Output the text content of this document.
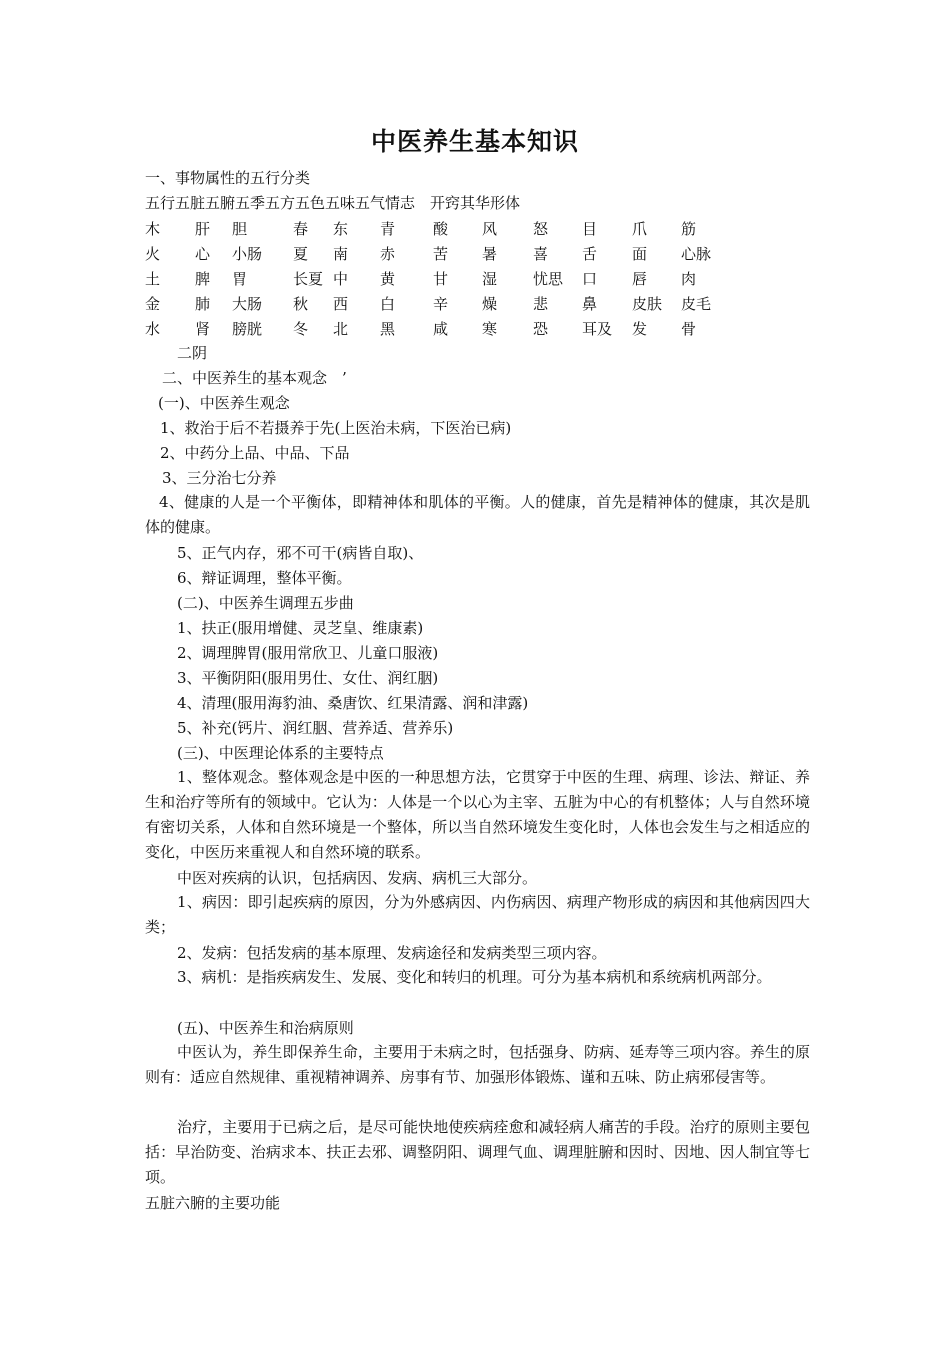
中医养生基本知识
一、事物属性的五行分类
五行五脏五腑五季五方五色五味五气情志　开窍其华形体
木 肝 胆	春 东 青	酸 风 怒 目 爪 筋
火 心 小肠 夏 南 赤	苦 暑 喜 舌 面 心脉
土 脾 胃	长夏 中 黄	甘 湿 忧思 口 唇 肉
金 肺 大肠 秋 西 白	辛 燥 悲 鼻 皮肤 皮毛
水 肾 膀胱 冬 北 黑	咸 寒 恐 耳及 发 骨
二阴
二、中医养生的基本观念　’
(一)、中医养生观念
1、救治于后不若摄养于先(上医治未病，下医治已病)
2、中药分上品、中品、下品
3、三分治七分养
4、健康的人是一个平衡体，即精神体和肌体的平衡。人的健康，首先是精神体的健康，其次是肌体的健康。
5、正气内存，邪不可干(病皆自取)、
6、辩证调理，整体平衡。
(二)、中医养生调理五步曲
1、扶正(服用增健、灵芝皇、维康素)
2、调理脾胃(服用常欣卫、儿童口服液)
3、平衡阴阳(服用男仕、女仕、润红胭)
4、清理(服用海豹油、桑唐饮、红果清露、润和津露)
5、补充(钙片、润红胭、营养适、营养乐)
(三)、中医理论体系的主要特点
1、整体观念。整体观念是中医的一种思想方法，它贯穿于中医的生理、病理、诊法、辩证、养生和治疗等所有的领域中。它认为：人体是一个以心为主宰、五脏为中心的有机整体；人与自然环境有密切关系，人体和自然环境是一个整体，所以当自然环境发生变化时，人体也会发生与之相适应的变化，中医历来重视人和自然环境的联系。
中医对疾病的认识，包括病因、发病、病机三大部分。
1、病因：即引起疾病的原因，分为外感病因、内伤病因、病理产物形成的病因和其他病因四大类；
2、发病：包括发病的基本原理、发病途径和发病类型三项内容。
3、病机：是指疾病发生、发展、变化和转归的机理。可分为基本病机和系统病机两部分。
(五)、中医养生和治病原则
中医认为，养生即保养生命，主要用于未病之时，包括强身、防病、延寿等三项内容。养生的原则有：适应自然规律、重视精神调养、房事有节、加强形体锻炼、谨和五味、防止病邪侵害等。
治疗，主要用于已病之后，是尽可能快地使疾病痊愈和减轻病人痛苦的手段。治疗的原则主要包括：早治防变、治病求本、扶正去邪、调整阴阳、调理气血、调理脏腑和因时、因地、因人制宜等七项。
五脏六腑的主要功能
